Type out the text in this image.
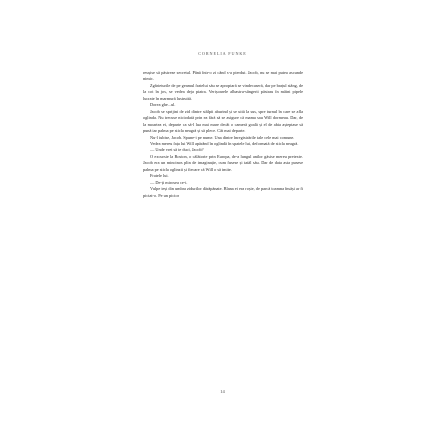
CORNELIA FUNKE

reușise să păstreze secretul. Până într-o zi când s-a pierdut. Jacob, nu se mai putea ascunde nimic.

Zgârieturile de pe geamul fratelui său se apropiară se vindecaseră, dar pe brațul stâng, de la cot în jos, se vedea deja piatra. Verișoarele albastru-sângerii păstrau în mâini pipele lucrate în marmură lustruită.

Dorea ghe...ul.

Jacob se sprijini de zid dintre stâlpii aburind și se uită la sus, spre turnul în care se afla oglinda. Nu trecuse niciodată prin ea fără să se asigure că mama sau Will dormeau. Dar, de la moartea ei, departe ca să-l lua mai mare decât o cameră goală și el de abia așteptase să pună iar palma pe sticla neagră și să plece. Cât mai departe.

Nu-l iubise, Jacob. Spune-i pe nume. Una dintre înregistrările tale cele mai comune.

Vedea mereu fața lui Will apărând în oglindă în spatele lui, deformată de sticla neagră.

— Unde vrei să te duci, Jacob?

O excursie la Boston, o călătorie prin Europa, de-a lungul anilor găsise mereu pretexte. Jacob era un mincinos plin de imaginație, cum fusese și tatăl său. Dar de data asta pusese palma pe sticla oglinzii și fiecare că Will o să imite.

Fratele lui.

— De-ți mirosea ce-i.

Vulpe ieși din umbra zidurilor dărăpănate. Blana ei era roșie, de parcă toamna însăși ar fi pictat-o. Pe un picior

14
